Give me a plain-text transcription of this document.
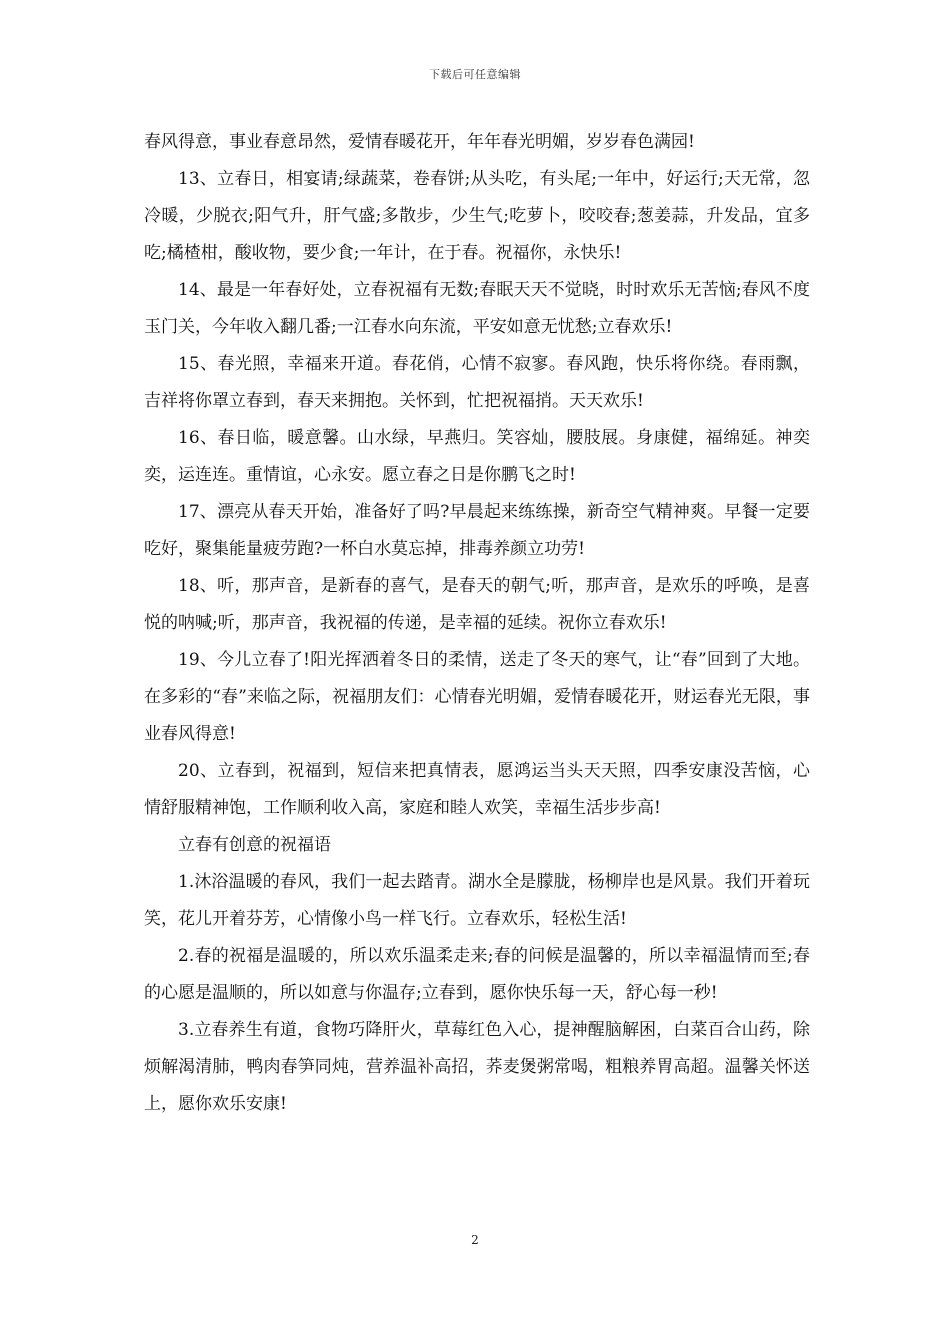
下载后可任意编辑

春风得意，事业春意昂然，爱情春暖花开，年年春光明媚，岁岁春色满园!

13、立春日，相宴请;绿蔬菜，卷春饼;从头吃，有头尾;一年中，好运行;天无常，忽冷暖，少脱衣;阳气升，肝气盛;多散步，少生气;吃萝卜，咬咬春;葱姜蒜，升发品，宜多吃;橘楂柑，酸收物，要少食;一年计，在于春。祝福你，永快乐!

14、最是一年春好处，立春祝福有无数;春眠天天不觉晓，时时欢乐无苦恼;春风不度玉门关，今年收入翻几番;一江春水向东流，平安如意无忧愁;立春欢乐!

15、春光照，幸福来开道。春花俏，心情不寂寥。春风跑，快乐将你绕。春雨飘，吉祥将你罩立春到，春天来拥抱。关怀到，忙把祝福捎。天天欢乐!

16、春日临，暖意馨。山水绿，早燕归。笑容灿，腰肢展。身康健，福绵延。神奕奕，运连连。重情谊，心永安。愿立春之日是你鹏飞之时!

17、漂亮从春天开始，准备好了吗?早晨起来练练操，新奇空气精神爽。早餐一定要吃好，聚集能量疲劳跑?一杯白水莫忘掉，排毒养颜立功劳!

18、听，那声音，是新春的喜气，是春天的朝气;听，那声音，是欢乐的呼唤，是喜悦的呐喊;听，那声音，我祝福的传递，是幸福的延续。祝你立春欢乐!

19、今儿立春了!阳光挥洒着冬日的柔情，送走了冬天的寒气，让“春”回到了大地。在多彩的“春”来临之际，祝福朋友们：心情春光明媚，爱情春暖花开，财运春光无限，事业春风得意!

20、立春到，祝福到，短信来把真情表，愿鸿运当头天天照，四季安康没苦恼，心情舒服精神饱，工作顺利收入高，家庭和睦人欢笑，幸福生活步步高!

立春有创意的祝福语

1.沐浴温暖的春风，我们一起去踏青。湖水全是朦胧，杨柳岸也是风景。我们开着玩笑，花儿开着芬芳，心情像小鸟一样飞行。立春欢乐，轻松生活!

2.春的祝福是温暖的，所以欢乐温柔走来;春的问候是温馨的，所以幸福温情而至;春的心愿是温顺的，所以如意与你温存;立春到，愿你快乐每一天，舒心每一秒!

3.立春养生有道，食物巧降肝火，草莓红色入心，提神醒脑解困，白菜百合山药，除烦解渴清肺，鸭肉春笋同炖，营养温补高招，荞麦煲粥常喝，粗粮养胃高超。温馨关怀送上，愿你欢乐安康!

2
